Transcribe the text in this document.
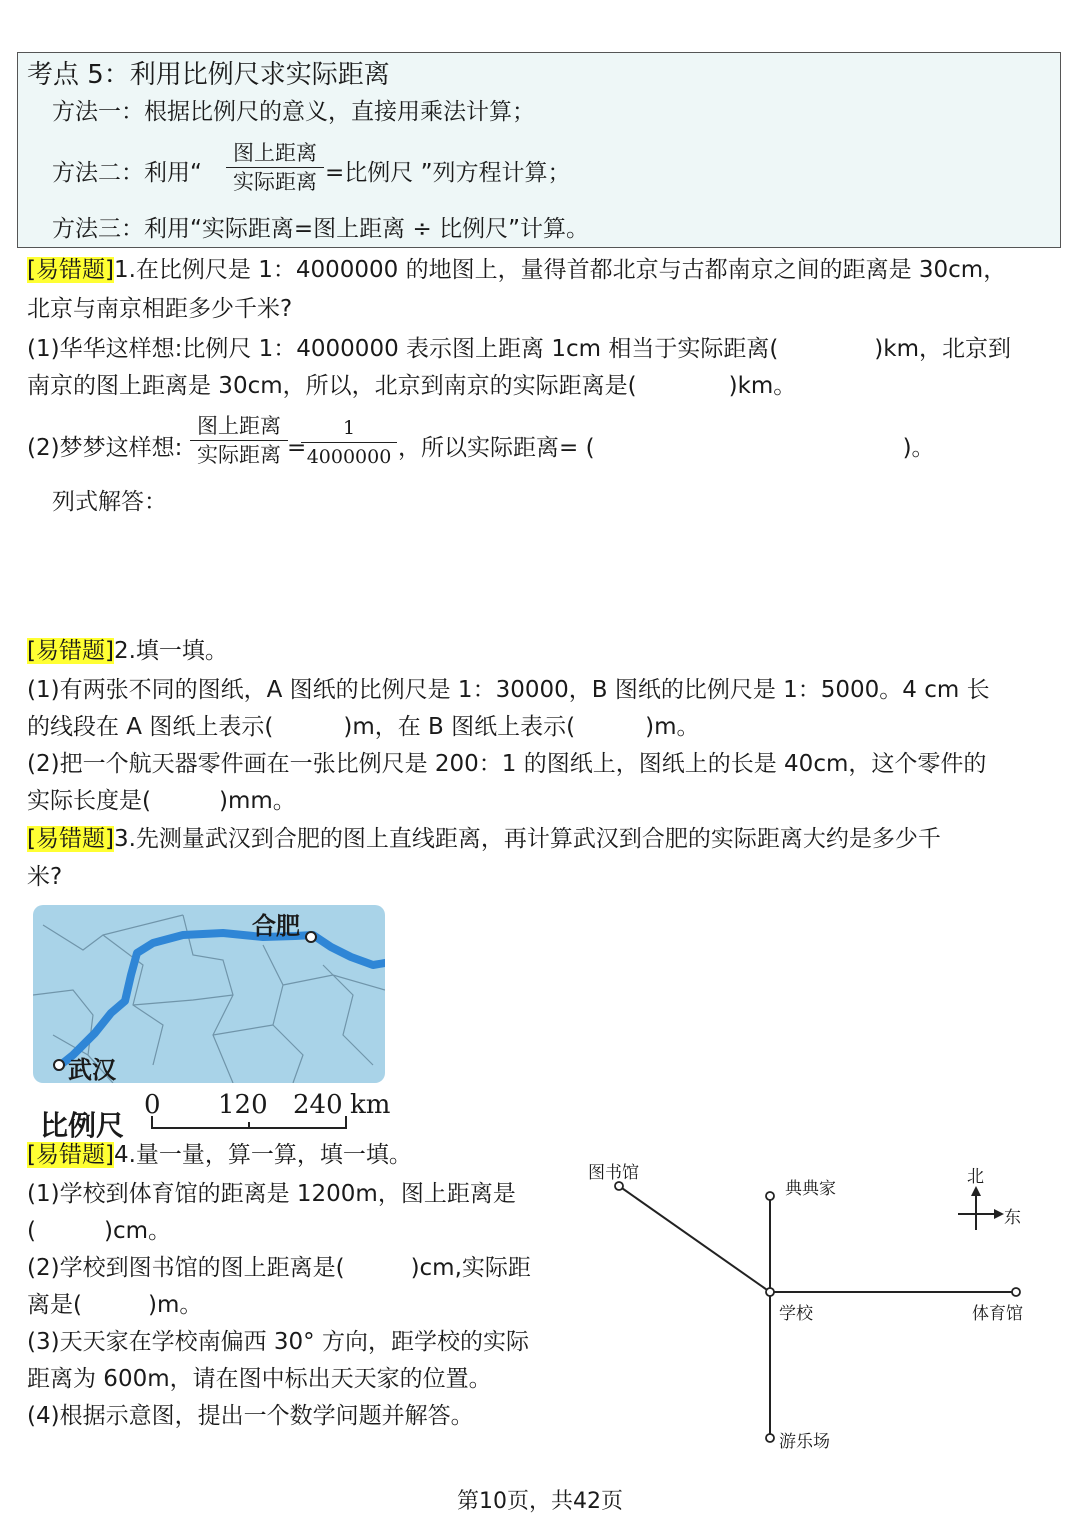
考点 5：利用比例尺求实际距离
方法一：根据比例尺的意义，直接用乘法计算；
方法二：利用“
图上距离
实际距离 =比例尺 ”列方程计算；
方法三：利用“实际距离=图上距离 ÷ 比例尺”计算。
[易错题]1.在比例尺是 1：4000000 的地图上，量得首都北京与古都南京之间的距离是 30cm，
北京与南京相距多少千米?
(1)华华这样想:比例尺 1：4000000 表示图上距离 1cm 相当于实际距离(	)km，北京到
南京的图上距离是 30cm，所以，北京到南京的实际距离是(	)km。
(2)梦梦这样想:
图上距离
实际距离 =
1
4000000 ，所以实际距离= (	)。
列式解答：
[易错题]2.填一填。
(1)有两张不同的图纸，A 图纸的比例尺是 1：30000，B 图纸的比例尺是 1：5000。4 cm 长
的线段在 A 图纸上表示(	)m，在 B 图纸上表示(	)m。
(2)把一个航天器零件画在一张比例尺是 200：1 的图纸上，图纸上的长是 40cm，这个零件的
实际长度是(	)mm。
[易错题]3.先测量武汉到合肥的图上直线距离，再计算武汉到合肥的实际距离大约是多少千
米?
合肥
武汉
比例尺
0 120 240 km
[易错题]4.量一量，算一算，填一填。
(1)学校到体育馆的距离是 1200m，图上距离是
(	)cm。
(2)学校到图书馆的图上距离是(	)cm,实际距
离是(	)m。
(3)天天家在学校南偏西 30° 方向，距学校的实际
距离为 600m，请在图中标出天天家的位置。
(4)根据示意图，提出一个数学问题并解答。
图书馆
典典家
学校	体育馆
游乐场
北
东
第10页，共42页
